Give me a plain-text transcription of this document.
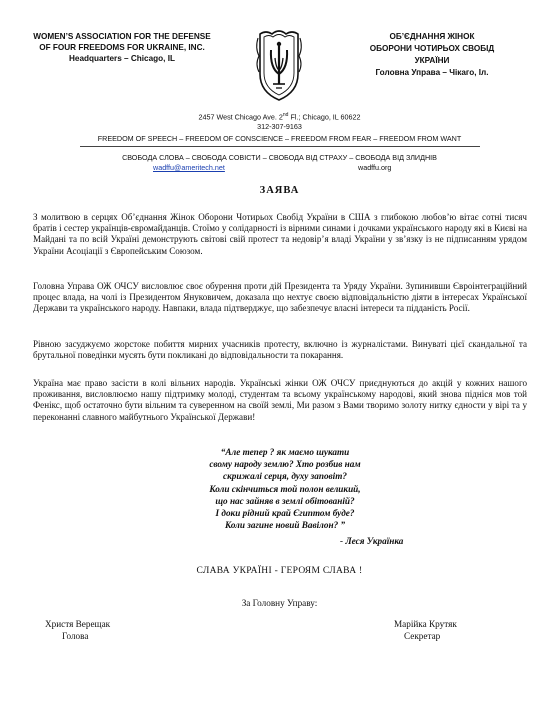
WOMEN’S ASSOCIATION FOR THE DEFENSE
OF FOUR FREEDOMS FOR UKRAINE, INC.
Headquarters – Chicago, IL
ОБ’ЄДНАННЯ ЖІНОК
ОБОРОНИ ЧОТИРЬОХ СВОБІД УКРАЇНИ
Головна Управа – Чікаго, Іл.
2457 West Chicago Ave. 2nd Fl.; Chicago, IL 60622
312-307-9163
FREEDOM OF SPEECH – FREEDOM OF CONSCIENCE – FREEDOM FROM FEAR – FREEDOM FROM WANT
СВОБОДА СЛОВА – СВОБОДА СОВІСТИ – СВОБОДА ВІД СТРАХУ – СВОБОДА ВІД ЗЛИДНІВ
wadffu@ameritech.net	wadffu.org
ЗАЯВА
З молитвою в серцях Об’єднання Жінок Оборони Чотирьох Свобід України в США з глибокою любов’ю вітає сотні тисяч братів і сестер українців-євромайданців. Стоїмо у солідарності із вірними синами і дочками українського народу які в Києві на Майдані та по всій Україні демонструють світові свій протест та недовір’я владі України у зв’язку із не підписанням урядом України Асоціації з Європейським Союзом.
Головна Управа ОЖ ОЧСУ висловлює своє обурення проти дій Президента та Уряду України. Зупинивши Євроінтеграційний процес влада, на чолі із Президентом Януковичем, доказала що нехтує своєю відповідальністю діяти в інтересах Української Держави та українського народу. Навпаки, влада підтверджує, що забезпечує власні інтереси та підданість Росії.
Рівною засуджуємо жорстоке побиття мирних учасників протесту, включно із журналістами. Винуваті цієї скандальної та брутальної поведінки мусять бути покликані до відповідальности та покарання.
Україна має право засісти в колі вільних народів. Українські жінки ОЖ ОЧСУ приєднуються до акцій у кожних нашого проживання, висловлюємо нашу підтримку молоді, студентам та всьому українському народові, який знова підніся мов той Фенікс, щоб остаточно бути вільним та суверенном на своїй землі, Ми разом з Вами творимо золоту нитку єдности у вірі та у переконанні славного майбутнього Української Держави!
“Але тепер ? як маємо шукати
свому народу землю? Хто розбив нам
скрижалі серця, духу заповіт?
Коли скінчиться той полон великий,
що нас зайняв в землі обітованій?
І доки рідний край Єгиптом буде?
Коли загине новий Вавілон? ”
- Леся Українка
СЛАВА УКРАЇНІ - ГЕРОЯМ СЛАВА !
За Головну Управу:
Христя Верещак
Голова
Марійка Крутяк
Секретар
